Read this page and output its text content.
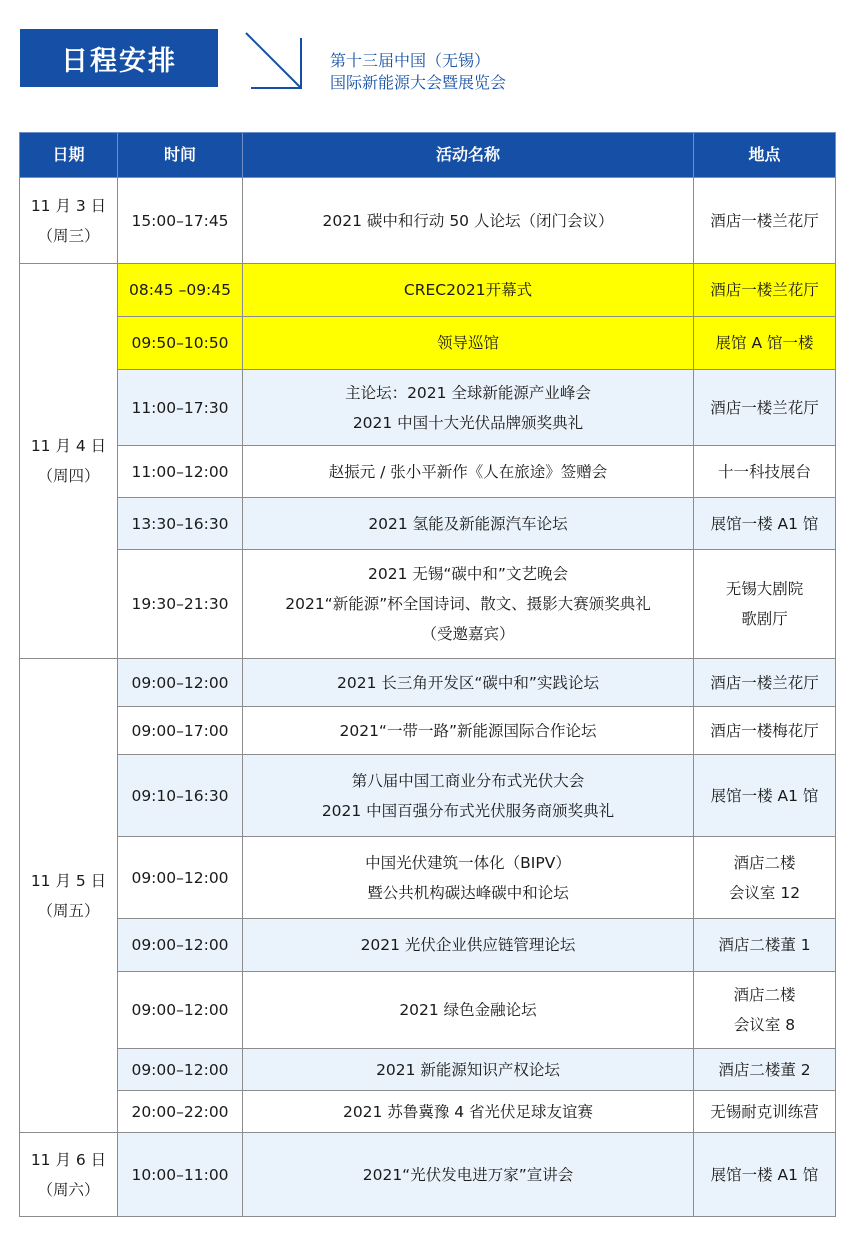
日程安排	第十三届中国（无锡）
国际新能源大会暨展览会
日期	时间	活动名称	地点

11 月 3 日
（周三）	15:00–17:45	2021 碳中和行动 50 人论坛（闭门会议）	酒店一楼兰花厅

11 月 4 日
（周四）	08:45 –09:45	CREC2021开幕式	酒店一楼兰花厅

	09:50–10:50	领导巡馆	展馆 A 馆一楼

	11:00–17:30	主论坛：2021 全球新能源产业峰会
2021 中国十大光伏品牌颁奖典礼	酒店一楼兰花厅

	11:00–12:00	赵振元 / 张小平新作《人在旅途》签赠会	十一科技展台

	13:30–16:30	2021 氢能及新能源汽车论坛	展馆一楼 A1 馆

	19:30–21:30	2021 无锡“碳中和”文艺晚会
2021“新能源”杯全国诗词、散文、摄影大赛颁奖典礼
（受邀嘉宾）	无锡大剧院
歌剧厅

11 月 5 日
（周五）	09:00–12:00	2021 长三角开发区“碳中和”实践论坛	酒店一楼兰花厅

	09:00–17:00	2021“一带一路”新能源国际合作论坛	酒店一楼梅花厅

	09:10–16:30	第八届中国工商业分布式光伏大会
2021 中国百强分布式光伏服务商颁奖典礼	展馆一楼 A1 馆

	09:00–12:00	中国光伏建筑一体化（BIPV）
暨公共机构碳达峰碳中和论坛	酒店二楼
会议室 12

	09:00–12:00	2021 光伏企业供应链管理论坛	酒店二楼董 1

	09:00–12:00	2021 绿色金融论坛	酒店二楼
会议室 8

	09:00–12:00	2021 新能源知识产权论坛	酒店二楼董 2

	20:00–22:00	2021 苏鲁冀豫 4 省光伏足球友谊赛	无锡耐克训练营

11 月 6 日
（周六）	10:00–11:00	2021“光伏发电进万家”宣讲会	展馆一楼 A1 馆
